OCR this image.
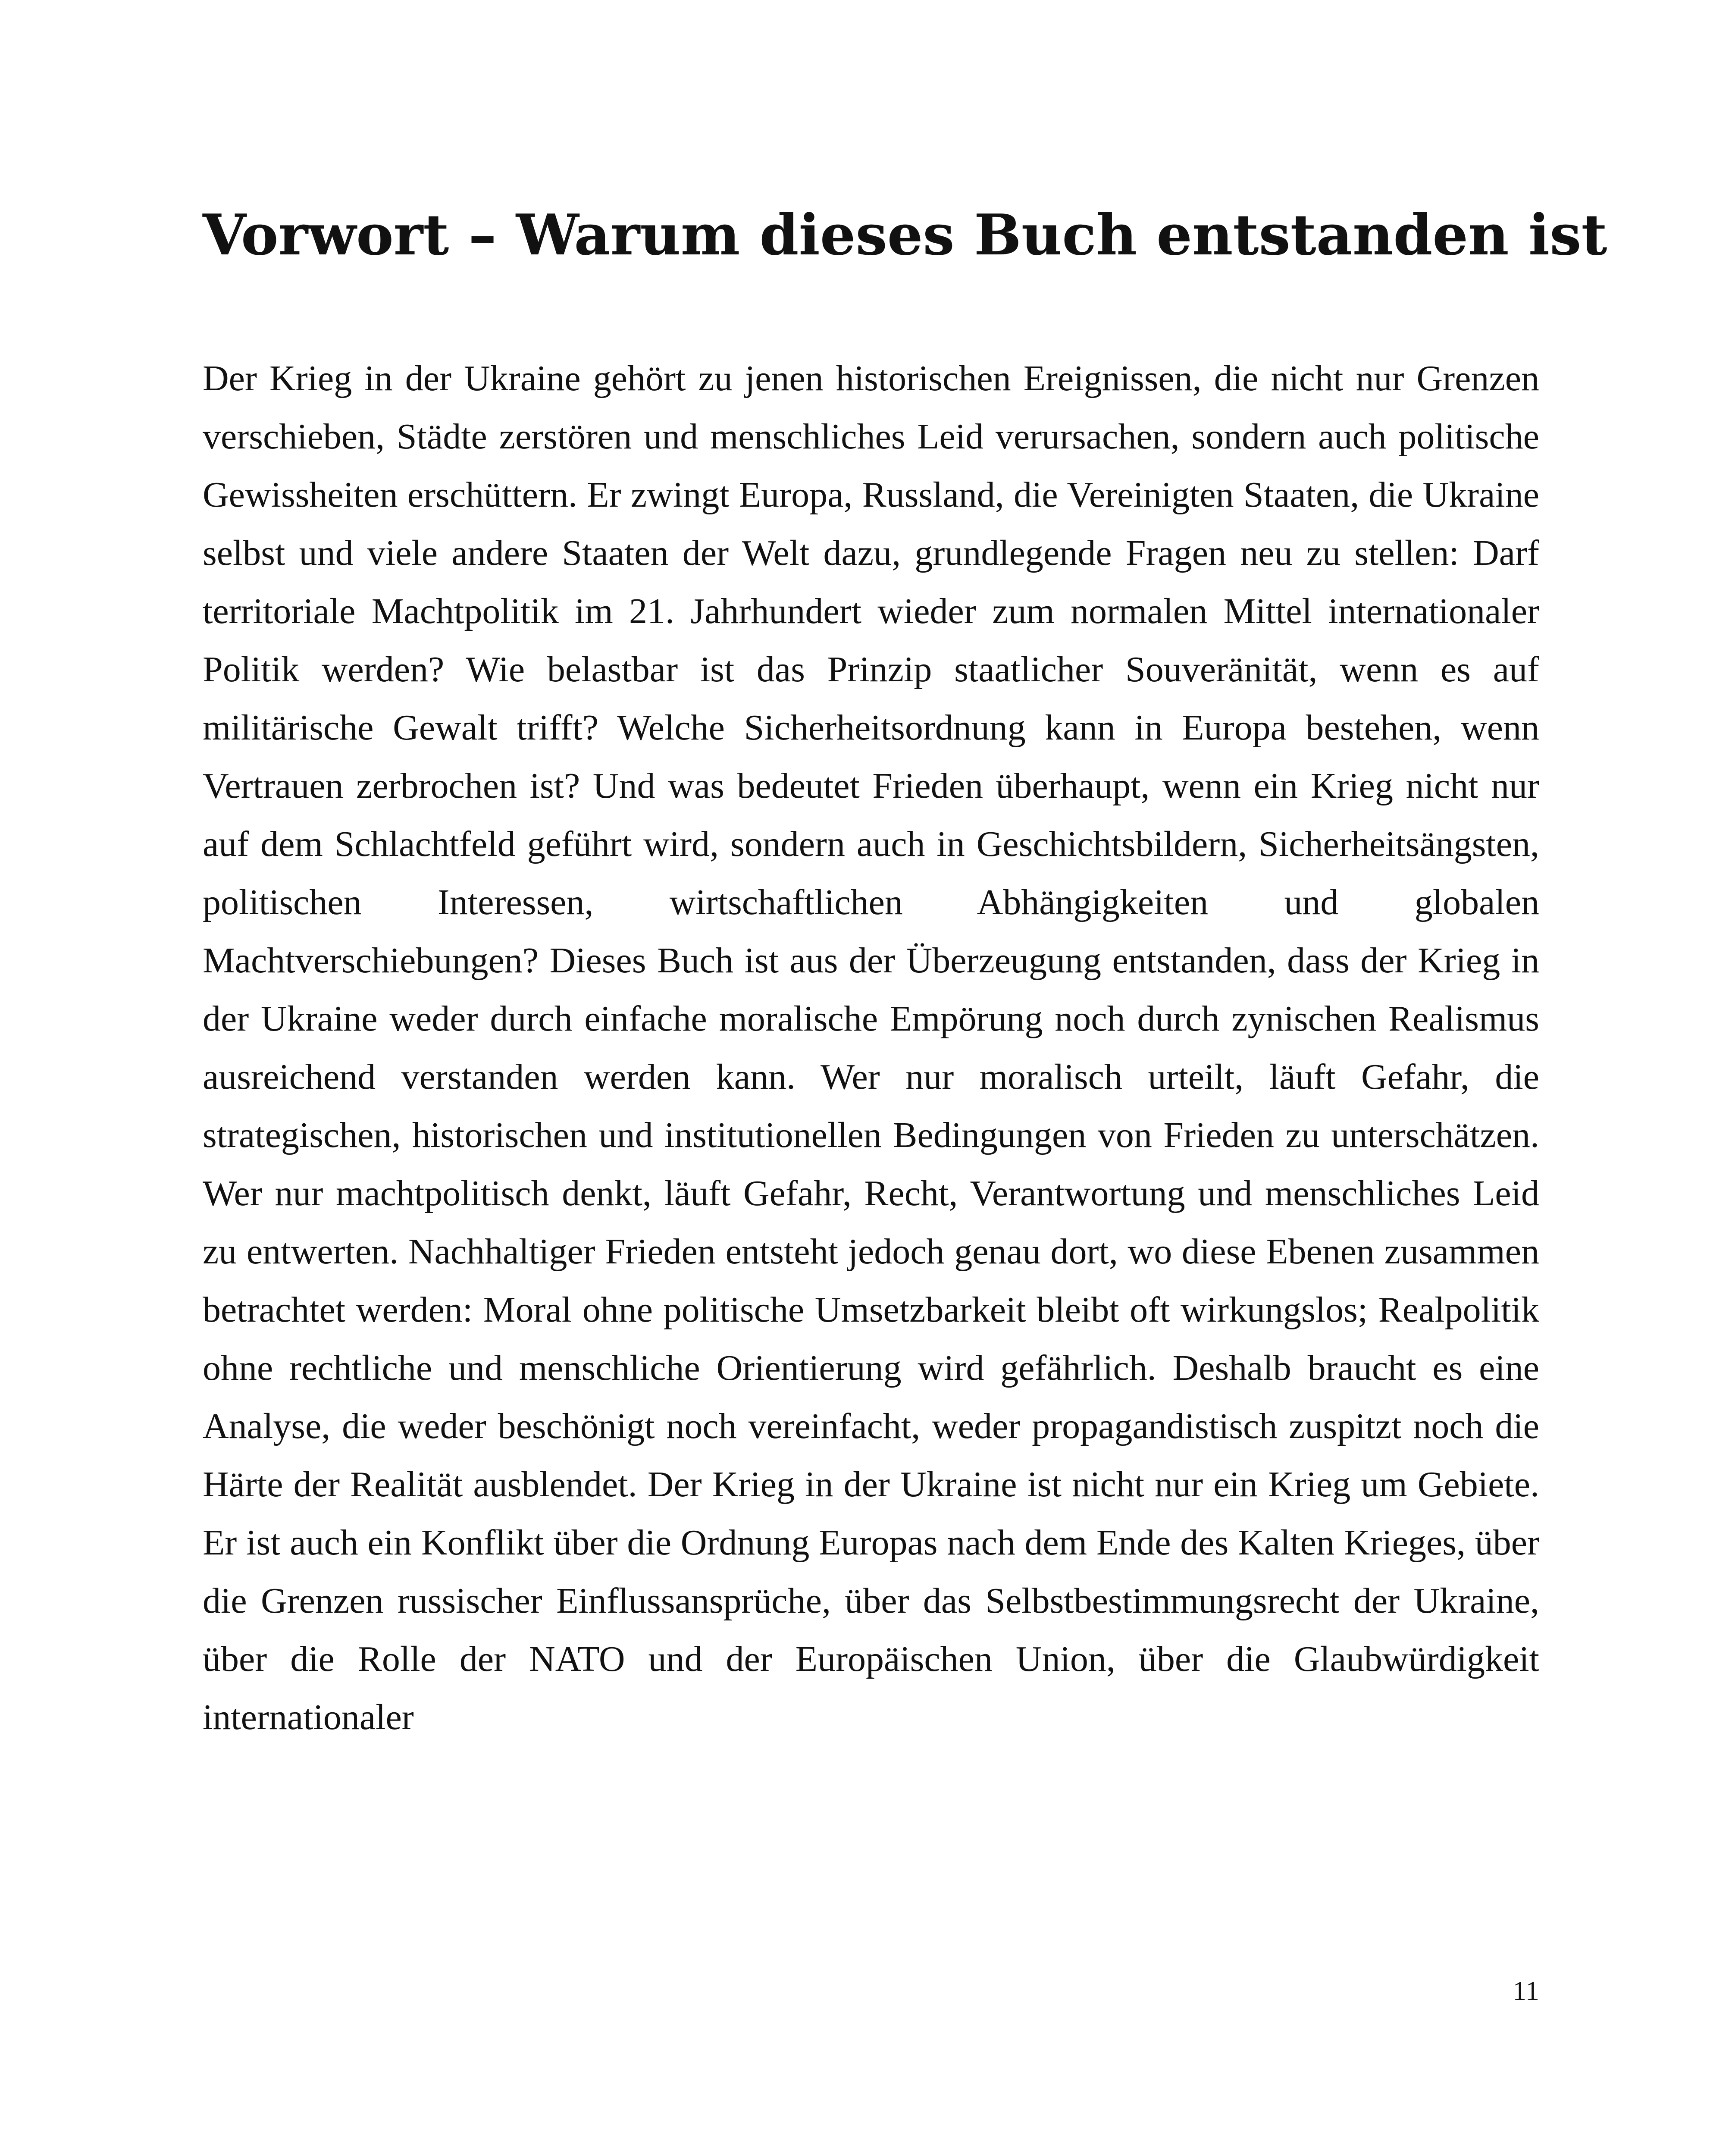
Vorwort – Warum dieses Buch entstanden ist

Der Krieg in der Ukraine gehört zu jenen historischen Ereignissen, die nicht nur Grenzen verschieben, Städte zerstören und menschliches Leid verursachen, sondern auch politische Gewissheiten erschüttern. Er zwingt Europa, Russland, die Vereinigten Staaten, die Ukraine selbst und viele andere Staaten der Welt dazu, grundlegende Fragen neu zu stellen: Darf territoriale Machtpolitik im 21. Jahrhundert wieder zum normalen Mittel internationaler Politik werden? Wie belastbar ist das Prinzip staatlicher Souveränität, wenn es auf militärische Gewalt trifft? Welche Sicherheitsordnung kann in Europa bestehen, wenn Vertrauen zerbrochen ist? Und was bedeutet Frieden überhaupt, wenn ein Krieg nicht nur auf dem Schlachtfeld geführt wird, sondern auch in Geschichtsbildern, Sicherheitsängsten, politischen Interessen, wirtschaftlichen Abhängigkeiten und globalen Machtverschiebungen? Dieses Buch ist aus der Überzeugung entstanden, dass der Krieg in der Ukraine weder durch einfache moralische Empörung noch durch zynischen Realismus ausreichend verstanden werden kann. Wer nur moralisch urteilt, läuft Gefahr, die strategischen, historischen und institutionellen Bedingungen von Frieden zu unterschätzen. Wer nur machtpolitisch denkt, läuft Gefahr, Recht, Verantwortung und menschliches Leid zu entwerten. Nachhaltiger Frieden entsteht jedoch genau dort, wo diese Ebenen zusammen betrachtet werden: Moral ohne politische Umsetzbarkeit bleibt oft wirkungslos; Realpolitik ohne rechtliche und menschliche Orientierung wird gefährlich. Deshalb braucht es eine Analyse, die weder beschönigt noch vereinfacht, weder propagandistisch zuspitzt noch die Härte der Realität ausblendet. Der Krieg in der Ukraine ist nicht nur ein Krieg um Gebiete. Er ist auch ein Konflikt über die Ordnung Europas nach dem Ende des Kalten Krieges, über die Grenzen russischer Einflussansprüche, über das Selbstbestimmungsrecht der Ukraine, über die Rolle der NATO und der Europäischen Union, über die Glaubwürdigkeit internationaler

11
